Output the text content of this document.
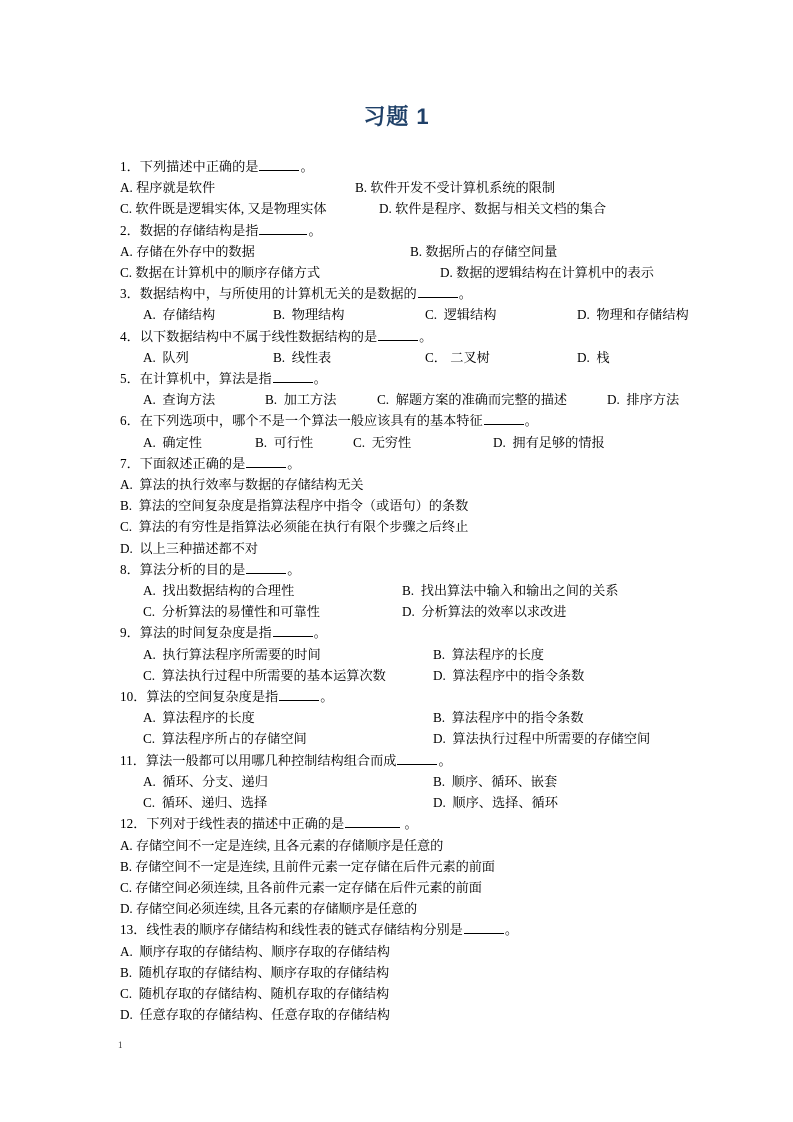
习题 1
1．下列描述中正确的是	。
A. 程序就是软件	B. 软件开发不受计算机系统的限制
C. 软件既是逻辑实体, 又是物理实体	D. 软件是程序、数据与相关文档的集合
2．数据的存储结构是指	。
A. 存储在外存中的数据	B. 数据所占的存储空间量
C. 数据在计算机中的顺序存储方式	D. 数据的逻辑结构在计算机中的表示
3．数据结构中，与所使用的计算机无关的是数据的	。
A. 存储结构	B. 物理结构	C. 逻辑结构	D. 物理和存储结构
4．以下数据结构中不属于线性数据结构的是	。
A. 队列	B. 线性表	C． 二叉树	D. 栈
5．在计算机中，算法是指	。
A. 查询方法	B. 加工方法	C. 解题方案的准确而完整的描述	D. 排序方法
6．在下列选项中，哪个不是一个算法一般应该具有的基本特征	。
A. 确定性	B. 可行性	C. 无穷性	D. 拥有足够的情报
7．下面叙述正确的是	。
A. 算法的执行效率与数据的存储结构无关
B. 算法的空间复杂度是指算法程序中指令（或语句）的条数
C. 算法的有穷性是指算法必须能在执行有限个步骤之后终止
D. 以上三种描述都不对
8．算法分析的目的是	。
A. 找出数据结构的合理性	B. 找出算法中输入和输出之间的关系
C. 分析算法的易懂性和可靠性	D. 分析算法的效率以求改进
9．算法的时间复杂度是指	。
A. 执行算法程序所需要的时间	B. 算法程序的长度
C. 算法执行过程中所需要的基本运算次数	D. 算法程序中的指令条数
10．算法的空间复杂度是指	。
A. 算法程序的长度	B. 算法程序中的指令条数
C. 算法程序所占的存储空间	D. 算法执行过程中所需要的存储空间
11．算法一般都可以用哪几种控制结构组合而成	。
A. 循环、分支、递归	B. 顺序、循环、嵌套
C. 循环、递归、选择	D. 顺序、选择、循环
12．下列对于线性表的描述中正确的是	。
A. 存储空间不一定是连续, 且各元素的存储顺序是任意的
B. 存储空间不一定是连续, 且前件元素一定存储在后件元素的前面
C. 存储空间必须连续, 且各前件元素一定存储在后件元素的前面
D. 存储空间必须连续, 且各元素的存储顺序是任意的
13．线性表的顺序存储结构和线性表的链式存储结构分别是	。
A. 顺序存取的存储结构、顺序存取的存储结构
B. 随机存取的存储结构、顺序存取的存储结构
C. 随机存取的存储结构、随机存取的存储结构
D. 任意存取的存储结构、任意存取的存储结构
1
